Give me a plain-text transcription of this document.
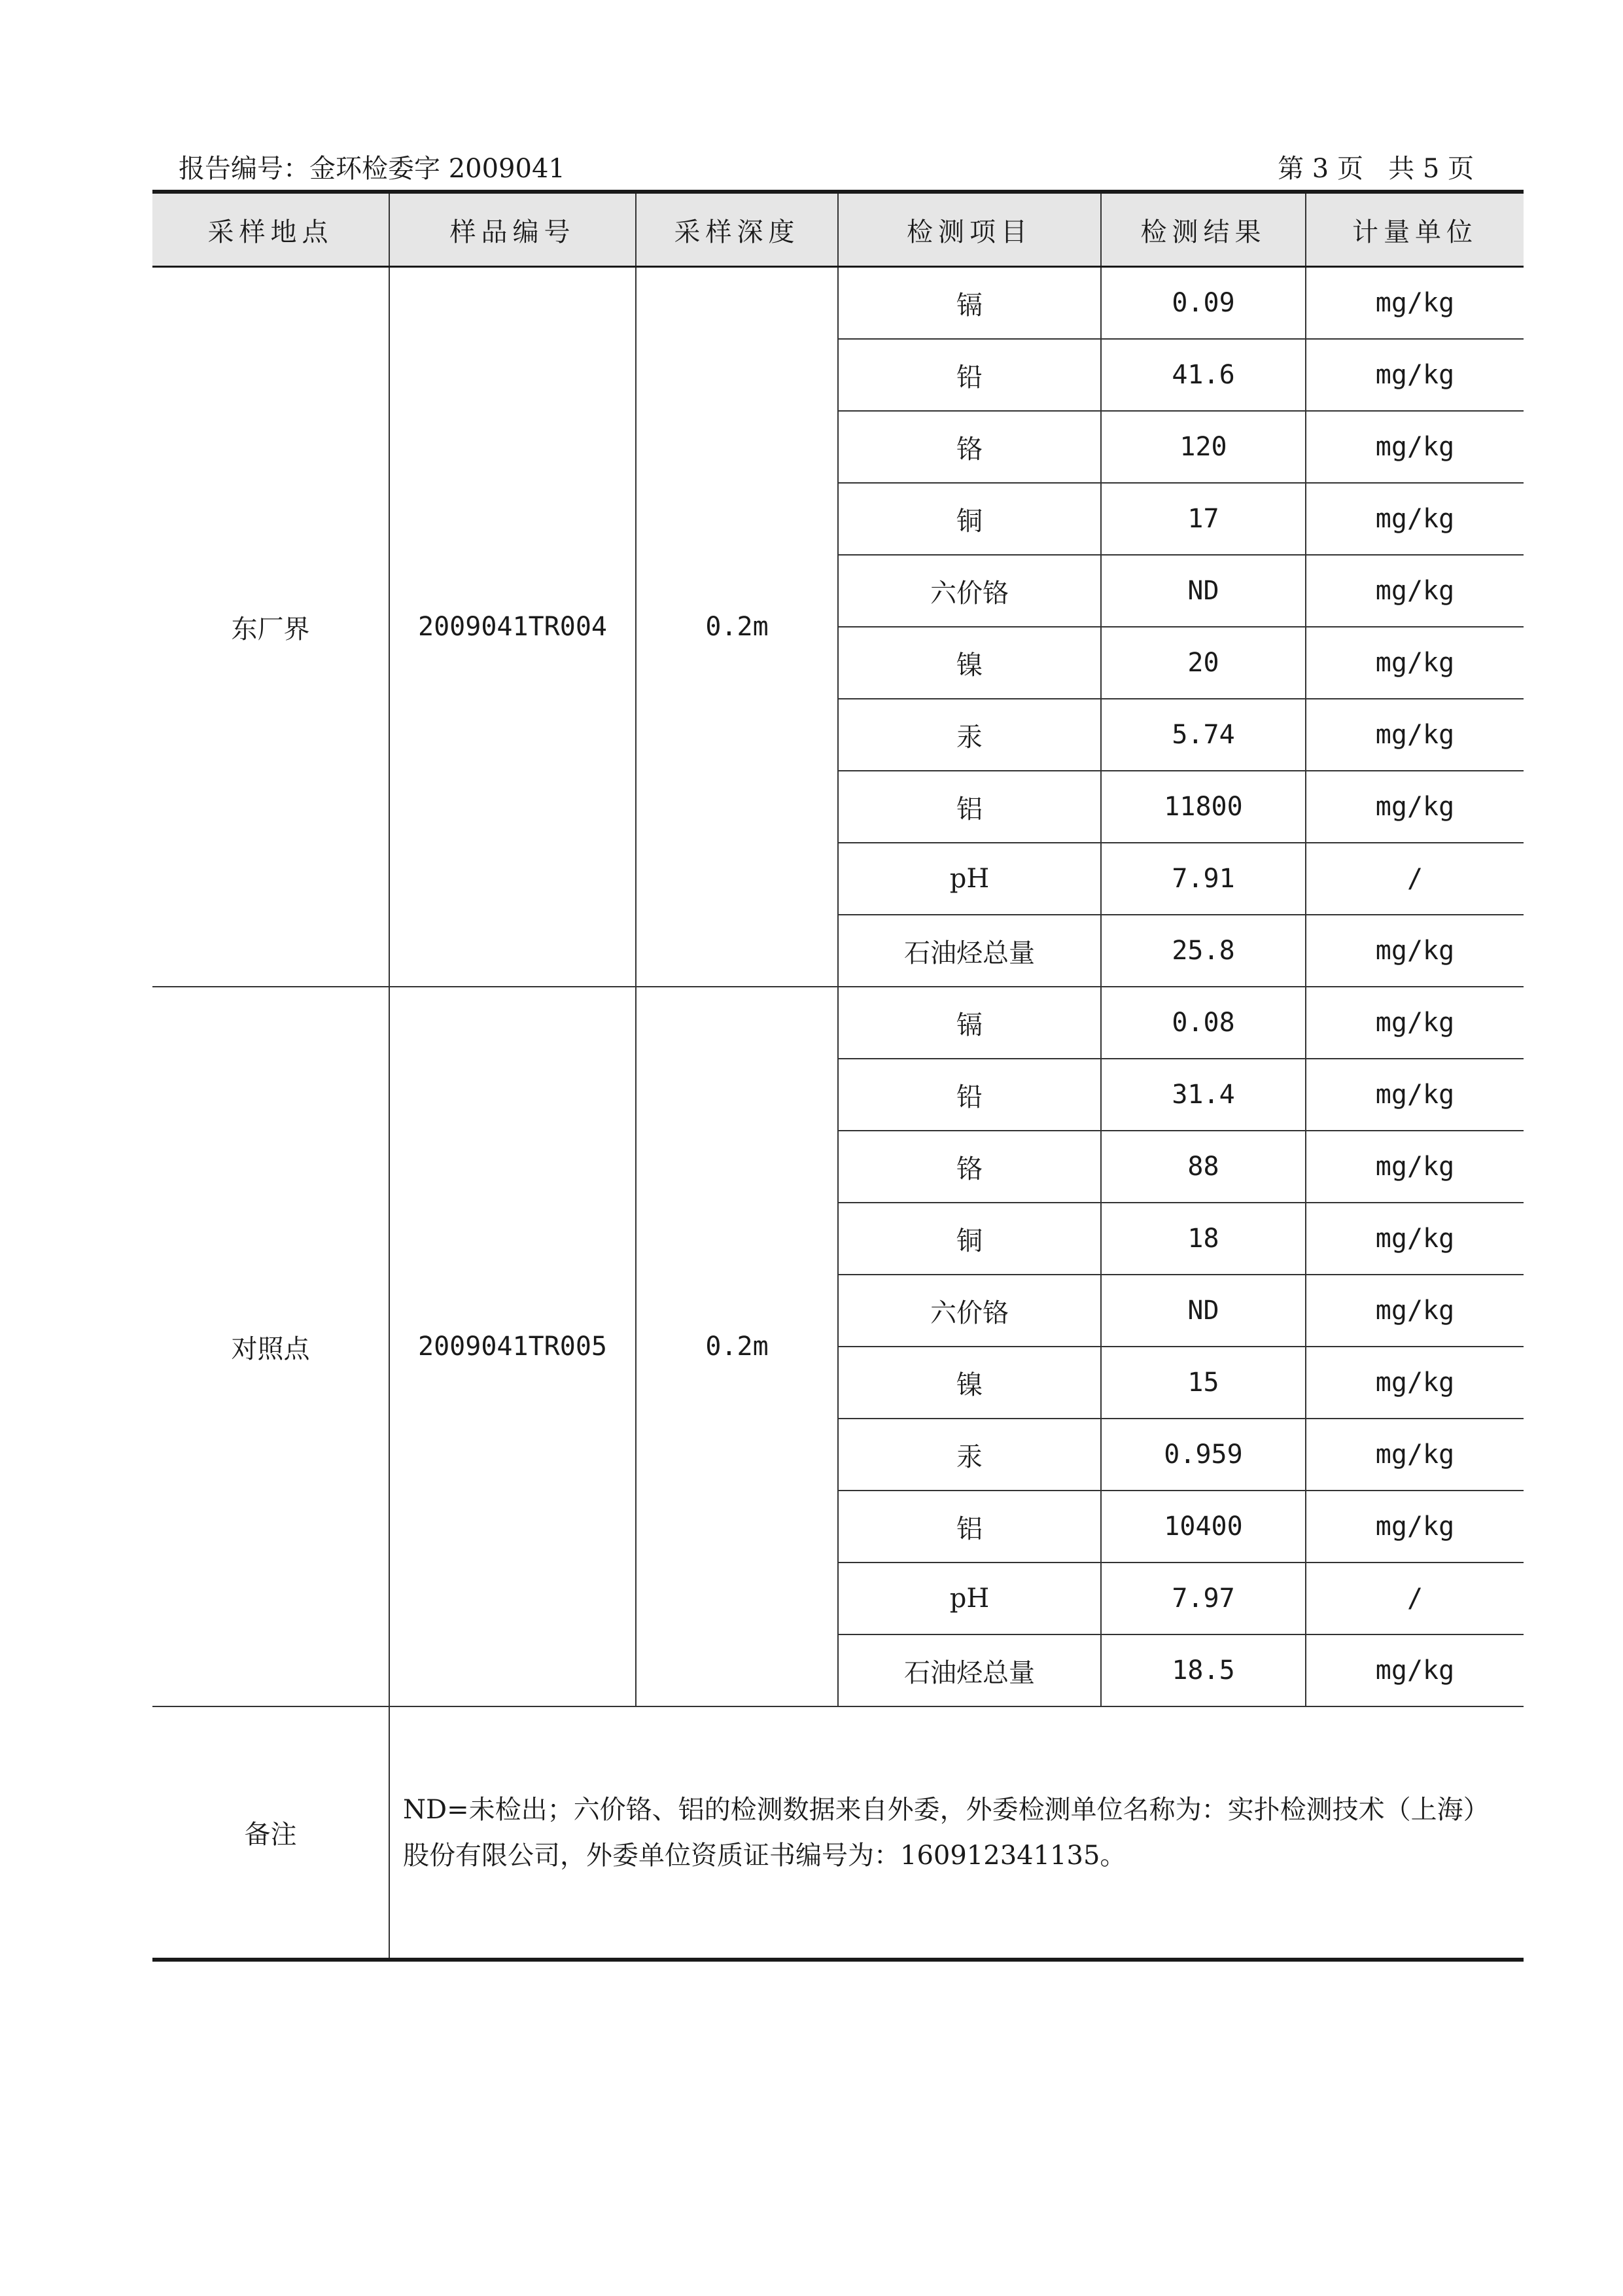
报告编号：金环检委字 2009041	第 3 页   共 5 页
采样地点	样品编号	采样深度	检测项目	检测结果	计量单位
东厂界	2009041TR004	0.2m	镉	0.09	mg/kg
			铅	41.6	mg/kg
			铬	120	mg/kg
			铜	17	mg/kg
			六价铬	ND	mg/kg
			镍	20	mg/kg
			汞	5.74	mg/kg
			铝	11800	mg/kg
			pH	7.91	/
			石油烃总量	25.8	mg/kg
对照点	2009041TR005	0.2m	镉	0.08	mg/kg
			铅	31.4	mg/kg
			铬	88	mg/kg
			铜	18	mg/kg
			六价铬	ND	mg/kg
			镍	15	mg/kg
			汞	0.959	mg/kg
			铝	10400	mg/kg
			pH	7.97	/
			石油烃总量	18.5	mg/kg
备注	ND=未检出；六价铬、铝的检测数据来自外委，外委检测单位名称为：实扑检测技术（上海）股份有限公司，外委单位资质证书编号为：160912341135。				
